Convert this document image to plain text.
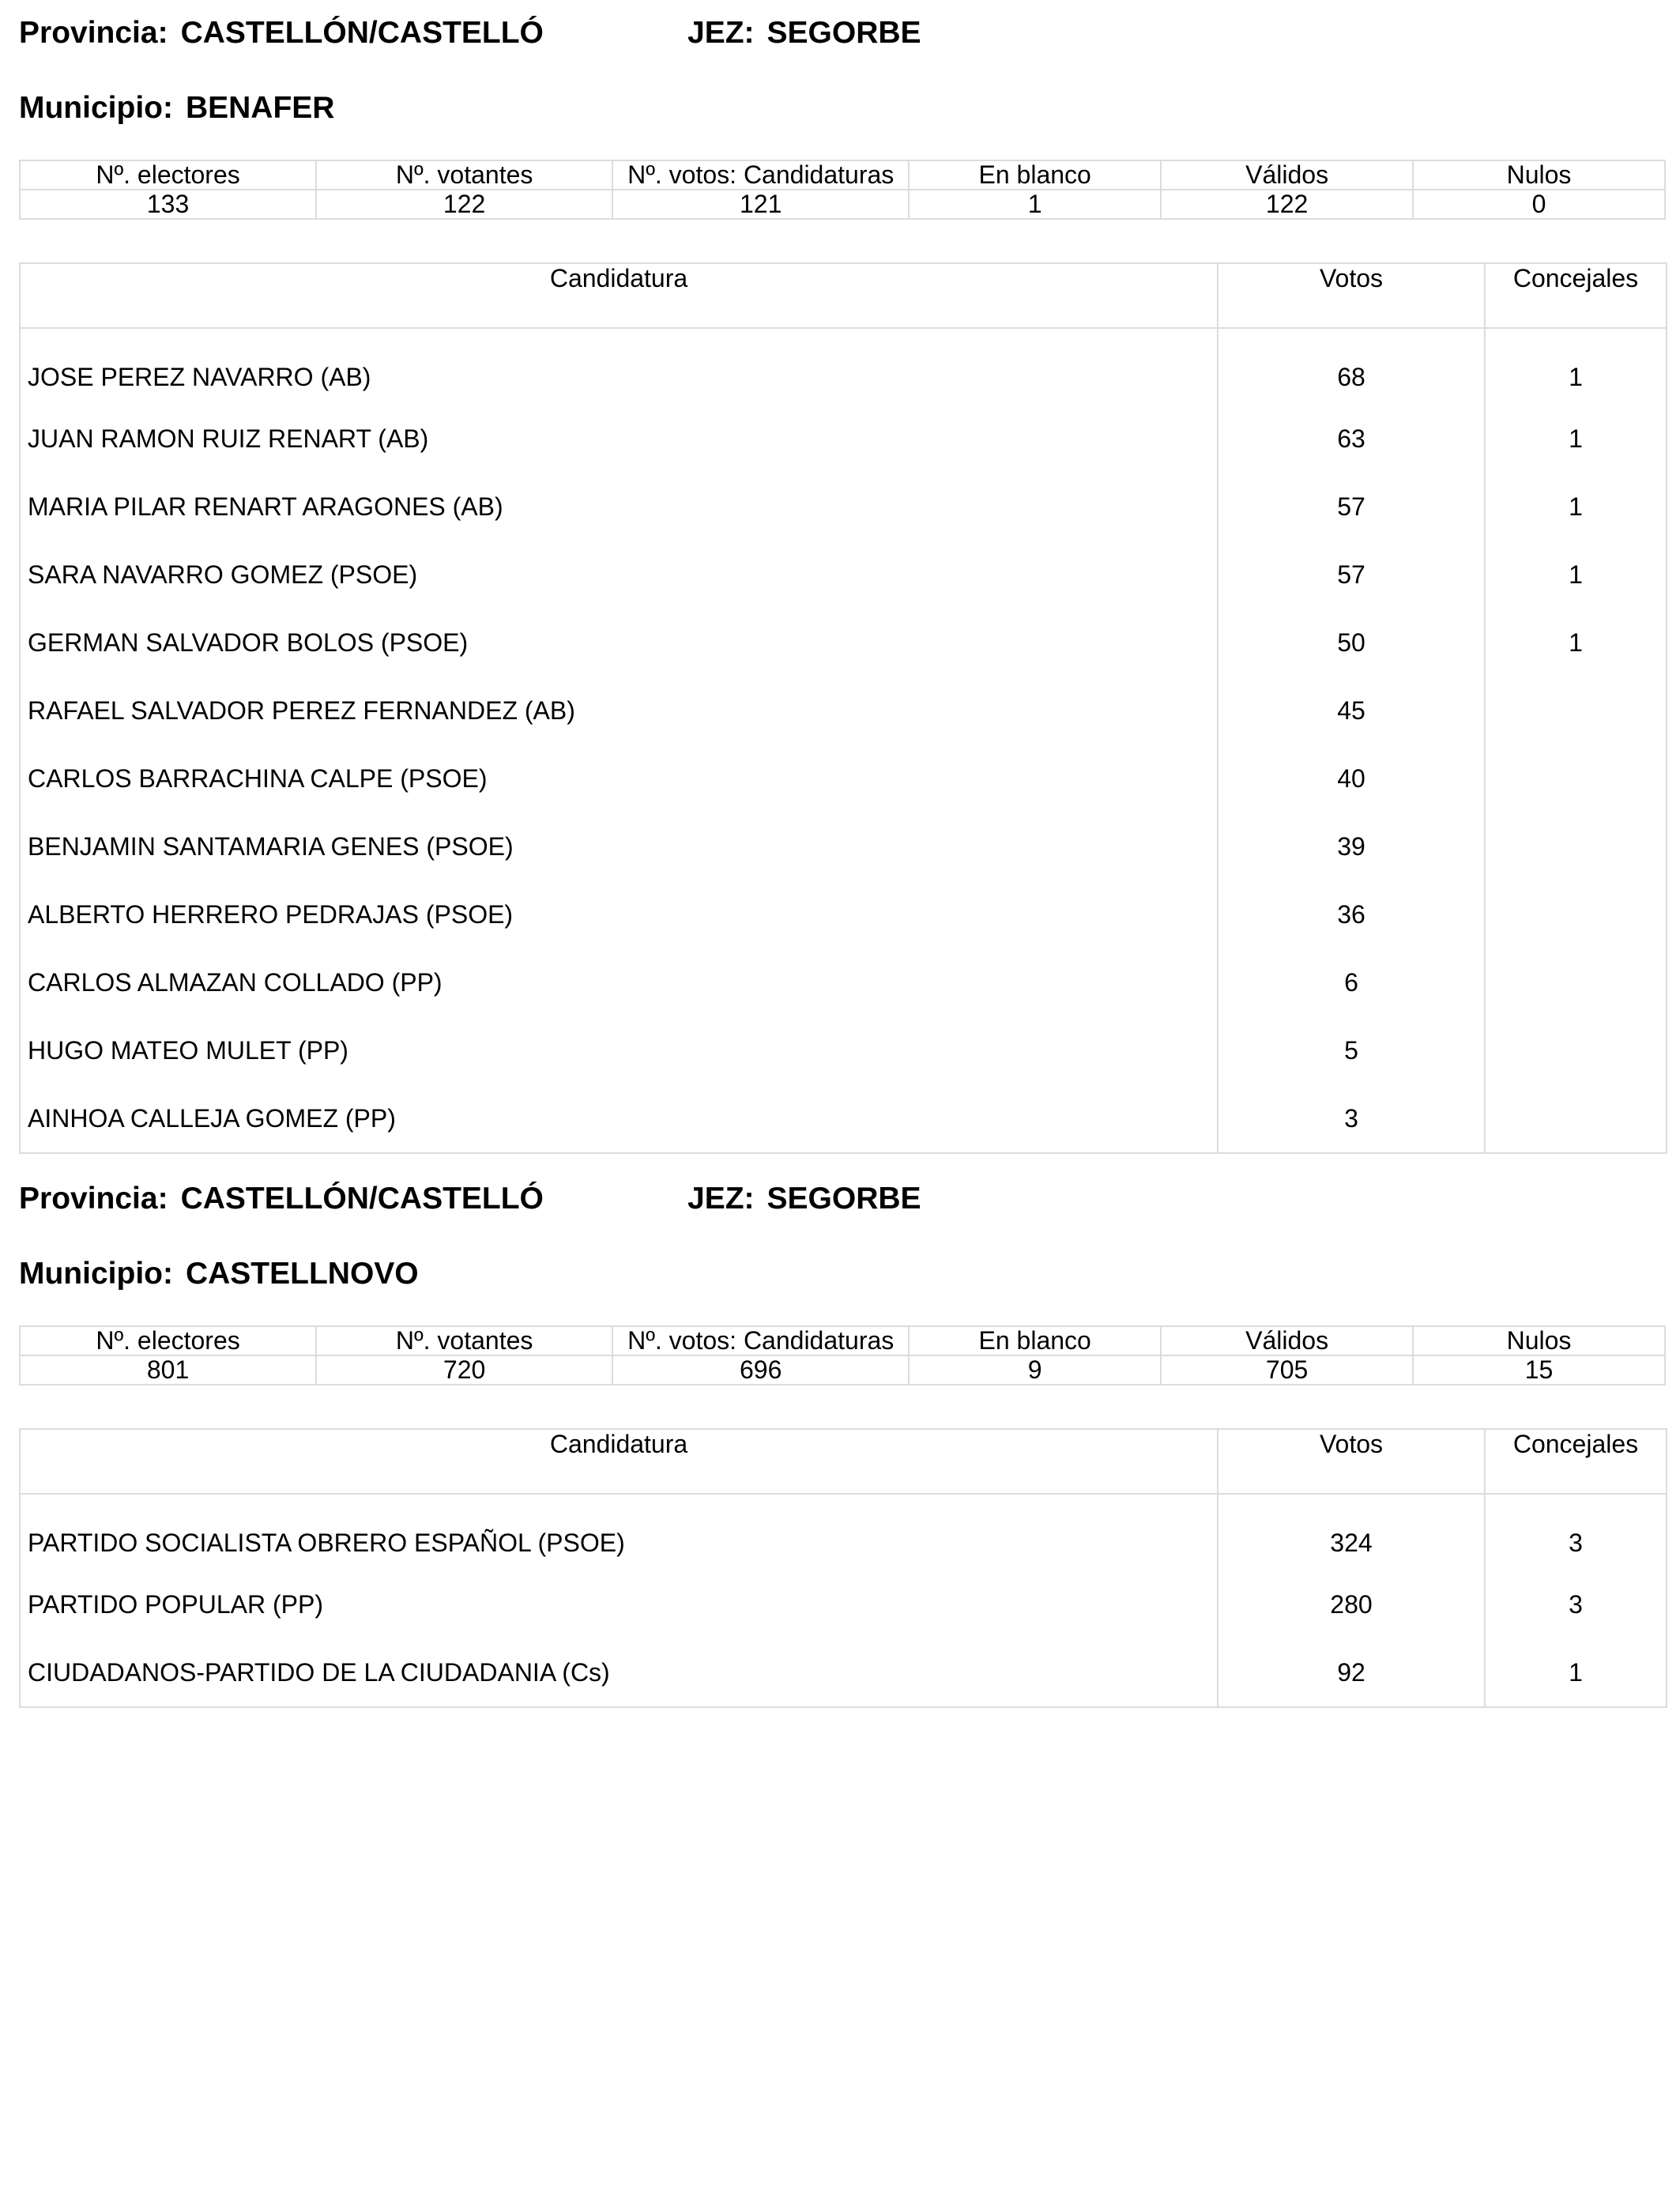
Provincia: CASTELLÓN/CASTELLÓ	JEZ: SEGORBE
Municipio: BENAFER
Nº. electores	Nº. votantes	Nº. votos: Candidaturas	En blanco	Válidos	Nulos
133	122	121	1	122	0
Candidatura	Votos	Concejales
JOSE PEREZ NAVARRO (AB)	68	1
JUAN RAMON RUIZ RENART (AB)	63	1
MARIA PILAR RENART ARAGONES (AB)	57	1
SARA NAVARRO GOMEZ (PSOE)	57	1
GERMAN SALVADOR BOLOS (PSOE)	50	1
RAFAEL SALVADOR PEREZ FERNANDEZ (AB)	45	
CARLOS BARRACHINA CALPE (PSOE)	40	
BENJAMIN SANTAMARIA GENES (PSOE)	39	
ALBERTO HERRERO PEDRAJAS (PSOE)	36	
CARLOS ALMAZAN COLLADO (PP)	6	
HUGO MATEO MULET (PP)	5	
AINHOA CALLEJA GOMEZ (PP)	3	
Provincia: CASTELLÓN/CASTELLÓ	JEZ: SEGORBE
Municipio: CASTELLNOVO
Nº. electores	Nº. votantes	Nº. votos: Candidaturas	En blanco	Válidos	Nulos
801	720	696	9	705	15
Candidatura	Votos	Concejales
PARTIDO SOCIALISTA OBRERO ESPAÑOL (PSOE)	324	3
PARTIDO POPULAR (PP)	280	3
CIUDADANOS-PARTIDO DE LA CIUDADANIA (Cs)	92	1
